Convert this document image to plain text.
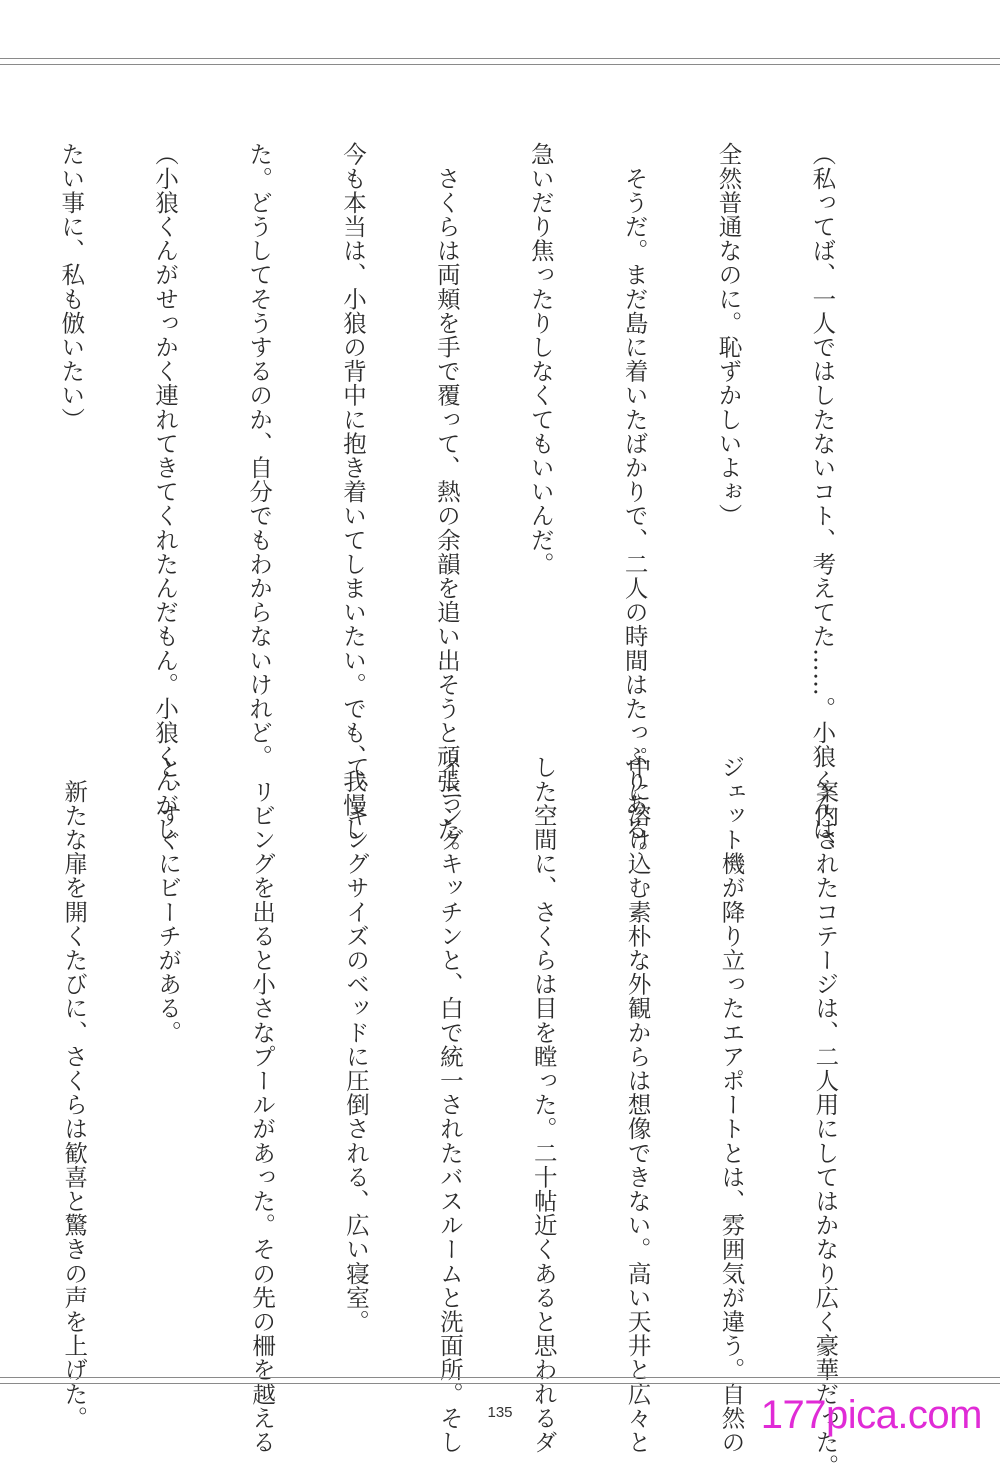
（私ってば、一人ではしたないコト、考えてた……。小狼くんは、

全然普通なのに。恥ずかしいよぉ）

　そうだ。まだ島に着いたばかりで、二人の時間はたっぷりある。

急いだり焦ったりしなくてもいいんだ。

　さくらは両頬を手で覆って、熱の余韻を追い出そうと頑張った。

今も本当は、小狼の背中に抱き着いてしまいたい。でも、我慢し

た。どうしてそうするのか、自分でもわからないけれど。

（小狼くんがせっかく連れてきてくれたんだもん。小狼くんがし

たい事に、私も倣いたい）

　案内されたコテージは、二人用にしてはかなり広く豪華だった。

ジェット機が降り立ったエアポートとは、雰囲気が違う。自然の

中に溶け込む素朴な外観からは想像できない。高い天井と広々と

した空間に、さくらは目を瞠った。二十帖近くあると思われるダ

イニングキッチンと、白で統一されたバスルームと洗面所。そし

て、キングサイズのベッドに圧倒される、広い寝室。

　リビングを出ると小さなプールがあった。その先の柵を越える

と、すぐにビーチがある。

　新たな扉を開くたびに、さくらは歓喜と驚きの声を上げた。

	135	177pica.com
